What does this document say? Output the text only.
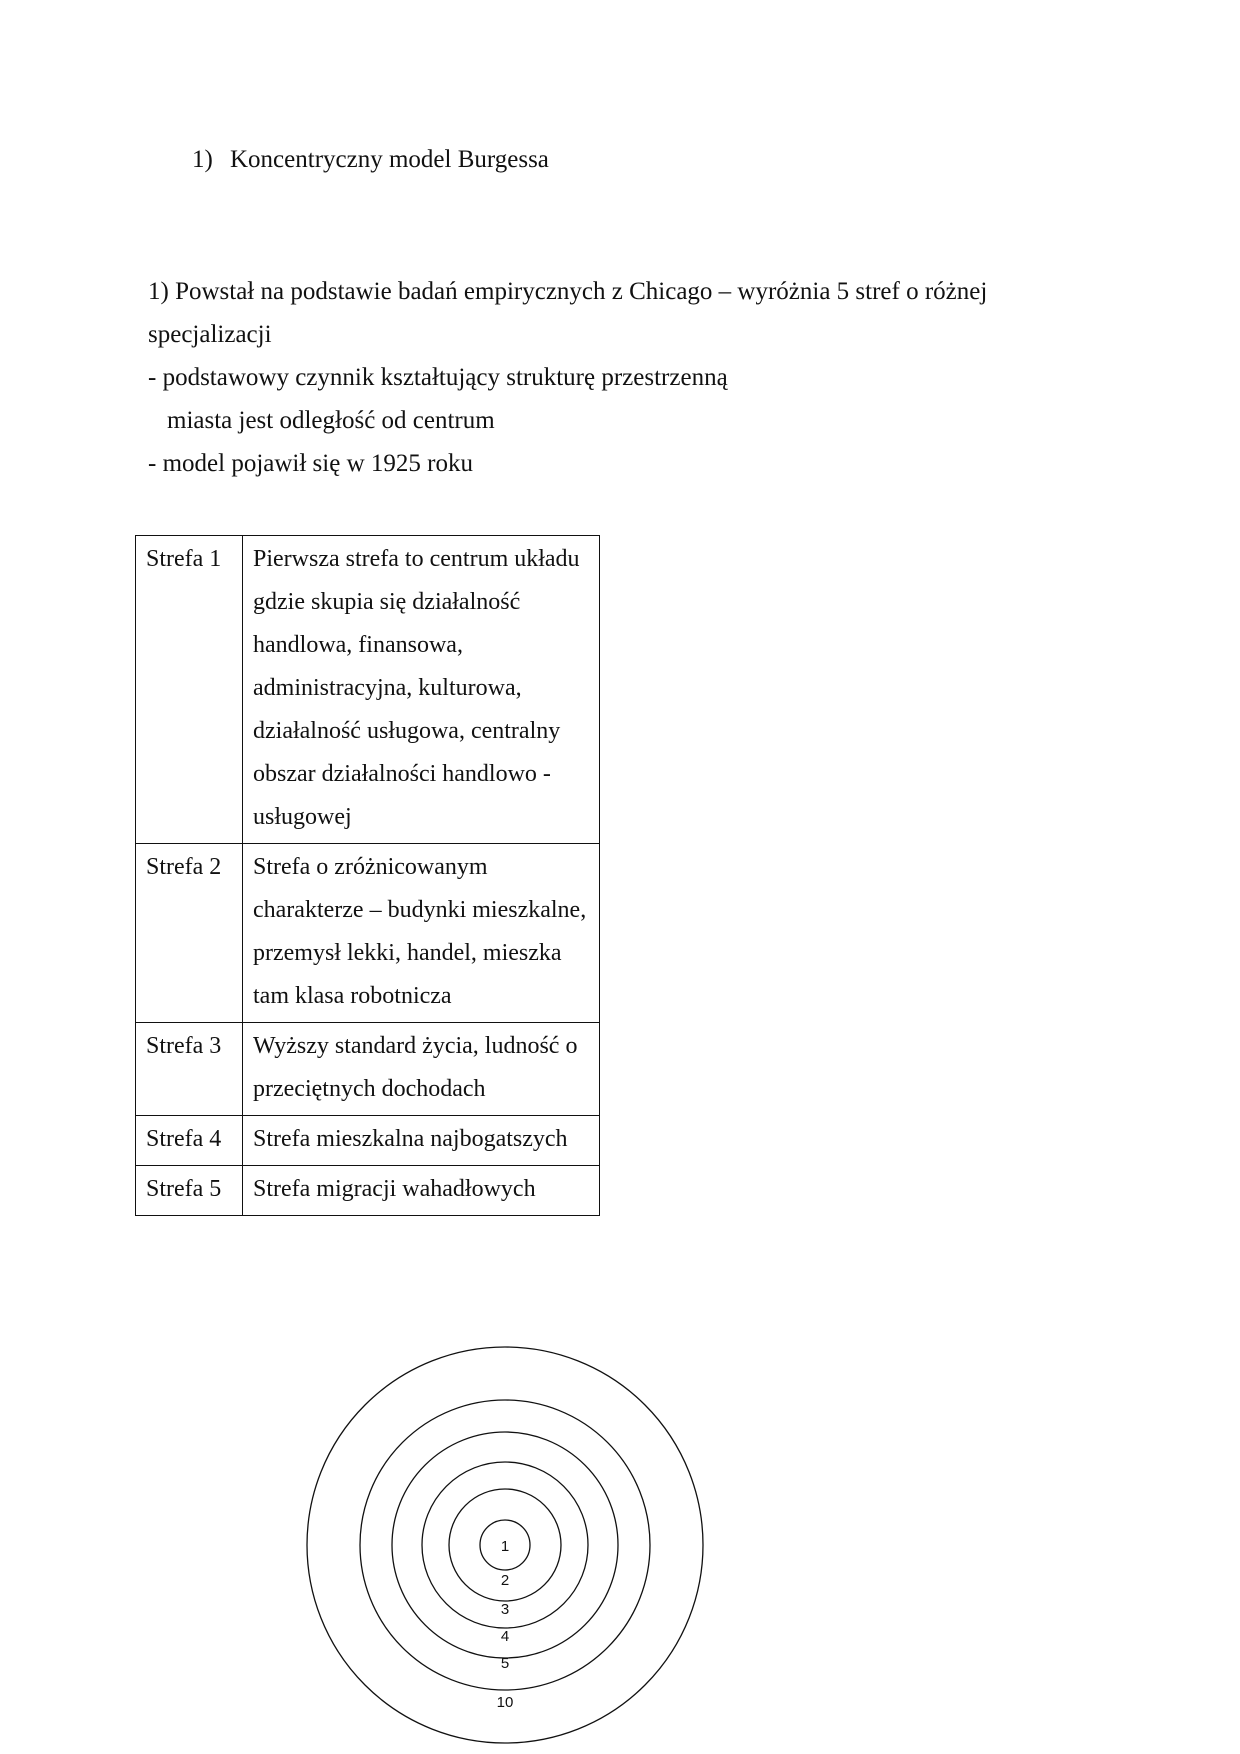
1) Koncentryczny model Burgessa
1) Powstał na podstawie badań empirycznych z Chicago – wyróżnia 5 stref o różnej
specjalizacji
- podstawowy czynnik kształtujący strukturę przestrzenną
miasta jest odległość od centrum
- model pojawił się w 1925 roku
Strefa 1	Pierwsza strefa to centrum układu gdzie skupia się działalność handlowa, finansowa, administracyjna, kulturowa, działalność usługowa, centralny obszar działalności handlowo - usługowej
Strefa 2	Strefa o zróżnicowanym charakterze – budynki mieszkalne, przemysł lekki, handel, mieszka tam klasa robotnicza
Strefa 3	Wyższy standard życia, ludność o przeciętnych dochodach
Strefa 4	Strefa mieszkalna najbogatszych
Strefa 5	Strefa migracji wahadłowych
1
2
3
4
5
10
